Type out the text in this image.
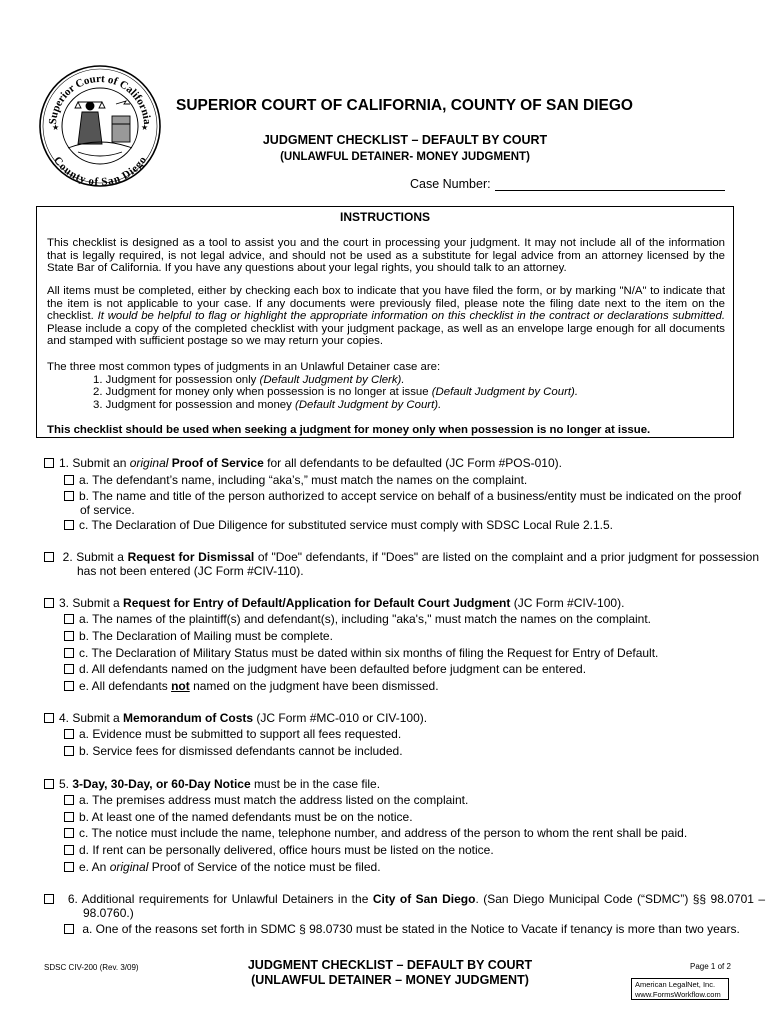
Superior Court of California
County of San Diego
★	★
SUPERIOR COURT OF CALIFORNIA, COUNTY OF SAN DIEGO
JUDGMENT CHECKLIST – DEFAULT BY COURT
(UNLAWFUL DETAINER- MONEY JUDGMENT)
Case Number:
INSTRUCTIONS
This checklist is designed as a tool to assist you and the court in processing your judgment. It may not include all of the information that is legally required, is not legal advice, and should not be used as a substitute for legal advice from an attorney licensed by the State Bar of California. If you have any questions about your legal rights, you should talk to an attorney.
All items must be completed, either by checking each box to indicate that you have filed the form, or by marking "N/A" to indicate that the item is not applicable to your case. If any documents were previously filed, please note the filing date next to the item on the checklist. It would be helpful to flag or highlight the appropriate information on this checklist in the contract or declarations submitted. Please include a copy of the completed checklist with your judgment package, as well as an envelope large enough for all documents and stamped with sufficient postage so we may return your copies.
The three most common types of judgments in an Unlawful Detainer case are:
1. Judgment for possession only (Default Judgment by Clerk).
2. Judgment for money only when possession is no longer at issue (Default Judgment by Court).
3. Judgment for possession and money (Default Judgment by Court).
This checklist should be used when seeking a judgment for money only when possession is no longer at issue.
1. Submit an original Proof of Service for all defendants to be defaulted (JC Form #POS-010).
a. The defendant’s name, including “aka’s,” must match the names on the complaint.
b. The name and title of the person authorized to accept service on behalf of a business/entity must be indicated on the proof of service.
c. The Declaration of Due Diligence for substituted service must comply with SDSC Local Rule 2.1.5.
2. Submit a Request for Dismissal of "Doe" defendants, if "Does" are listed on the complaint and a prior judgment for possession has not been entered (JC Form #CIV-110).
3. Submit a Request for Entry of Default/Application for Default Court Judgment (JC Form #CIV-100).
a. The names of the plaintiff(s) and defendant(s), including "aka's," must match the names on the complaint.
b. The Declaration of Mailing must be complete.
c. The Declaration of Military Status must be dated within six months of filing the Request for Entry of Default.
d. All defendants named on the judgment have been defaulted before judgment can be entered.
e. All defendants not named on the judgment have been dismissed.
4. Submit a Memorandum of Costs (JC Form #MC-010 or CIV-100).
a. Evidence must be submitted to support all fees requested.
b. Service fees for dismissed defendants cannot be included.
5. 3-Day, 30-Day, or 60-Day Notice must be in the case file.
a. The premises address must match the address listed on the complaint.
b. At least one of the named defendants must be on the notice.
c. The notice must include the name, telephone number, and address of the person to whom the rent shall be paid.
d. If rent can be personally delivered, office hours must be listed on the notice.
e. An original Proof of Service of the notice must be filed.
6. Additional requirements for Unlawful Detainers in the City of San Diego. (San Diego Municipal Code (“SDMC”) §§ 98.0701 – 98.0760.)
a. One of the reasons set forth in SDMC § 98.0730 must be stated in the Notice to Vacate if tenancy is more than two years.
SDSC CIV-200 (Rev. 3/09)	JUDGMENT CHECKLIST – DEFAULT BY COURT
(UNLAWFUL DETAINER – MONEY JUDGMENT)
Page 1 of 2
American LegalNet, Inc.
www.FormsWorkflow.com
